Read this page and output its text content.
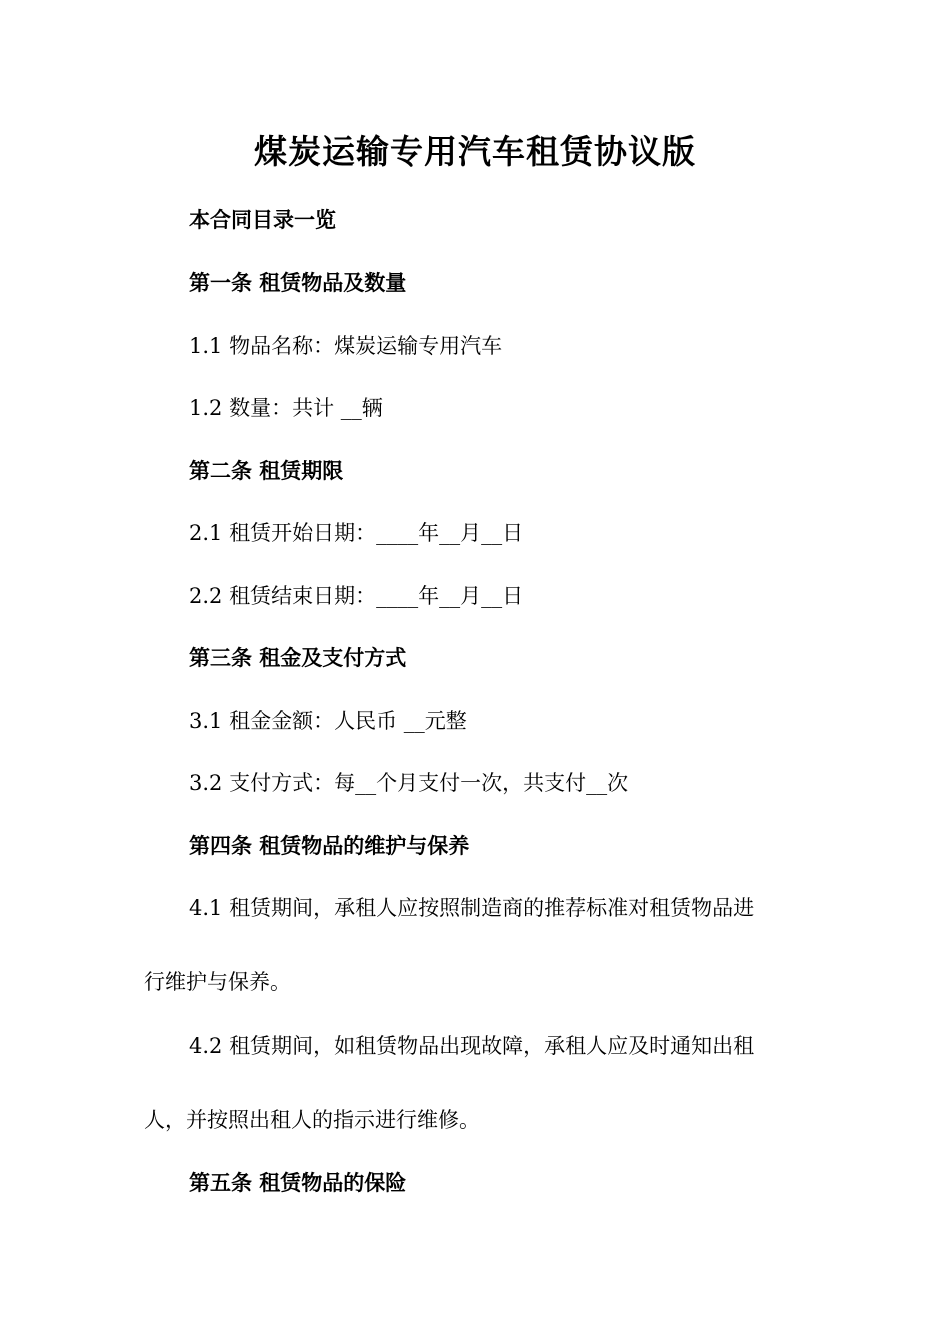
煤炭运输专用汽车租赁协议版
本合同目录一览
第一条 租赁物品及数量
1.1 物品名称：煤炭运输专用汽车
1.2 数量：共计 __辆
第二条 租赁期限
2.1 租赁开始日期：____年__月__日
2.2 租赁结束日期：____年__月__日
第三条 租金及支付方式
3.1 租金金额：人民币 __元整
3.2 支付方式：每__个月支付一次，共支付__次
第四条 租赁物品的维护与保养
4.1 租赁期间，承租人应按照制造商的推荐标准对租赁物品进
行维护与保养。
4.2 租赁期间，如租赁物品出现故障，承租人应及时通知出租
人，并按照出租人的指示进行维修。
第五条 租赁物品的保险
